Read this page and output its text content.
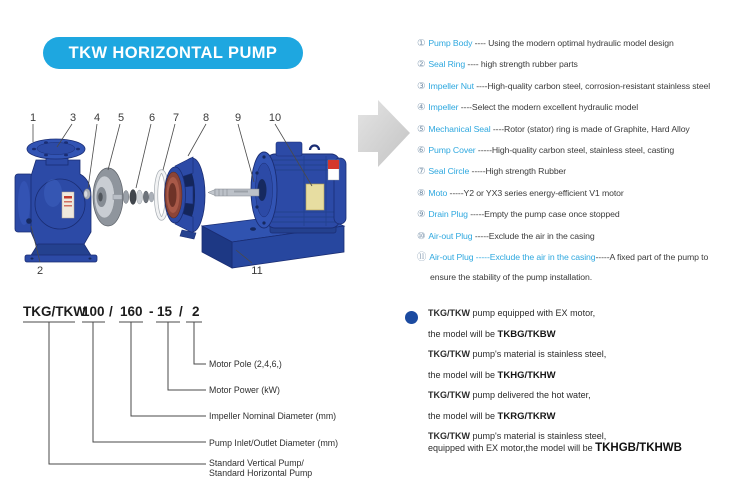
TKW HORIZONTAL PUMP
1	3 4 5 6 7 8 9	10
2	11
① Pump Body ---- Using the modern optimal hydraulic model design
② Seal Ring ---- high strength rubber parts
③ Impeller Nut ----High-quality carbon steel, corrosion-resistant stainless steel
④ Impeller ----Select the modern excellent hydraulic model
⑤ Mechanical Seal ----Rotor (stator) ring is made of Graphite, Hard Alloy
⑥ Pump Cover -----High-quality carbon steel, stainless steel, casting
⑦ Seal Circle -----High strength Rubber
⑧ Moto -----Y2 or YX3 series energy-efficient V1 motor
⑨ Drain Plug -----Empty the pump case once stopped
⑩ Air-out Plug -----Exclude the air in the casing
⑪ Air-out Plug -----Exclude the air in the casing-----A fixed part of the pump to
ensure the stability of the pump installation.
TKG/TKW 100 / 160 - 15 / 2
Motor Pole (2,4,6,)
Motor Power (kW)
Impeller Nominal Diameter (mm)
Pump Inlet/Outlet Diameter (mm)
Standard Vertical Pump/
Standard Horizontal Pump
TKG/TKW pump equipped with EX motor,
the model will be TKBG/TKBW
TKG/TKW pump's material is stainless steel,
the model will be TKHG/TKHW
TKG/TKW pump delivered the hot water,
the model will be TKRG/TKRW
TKG/TKW pump's material is stainless steel,
equipped with EX motor,the model will be TKHGB/TKHWB
